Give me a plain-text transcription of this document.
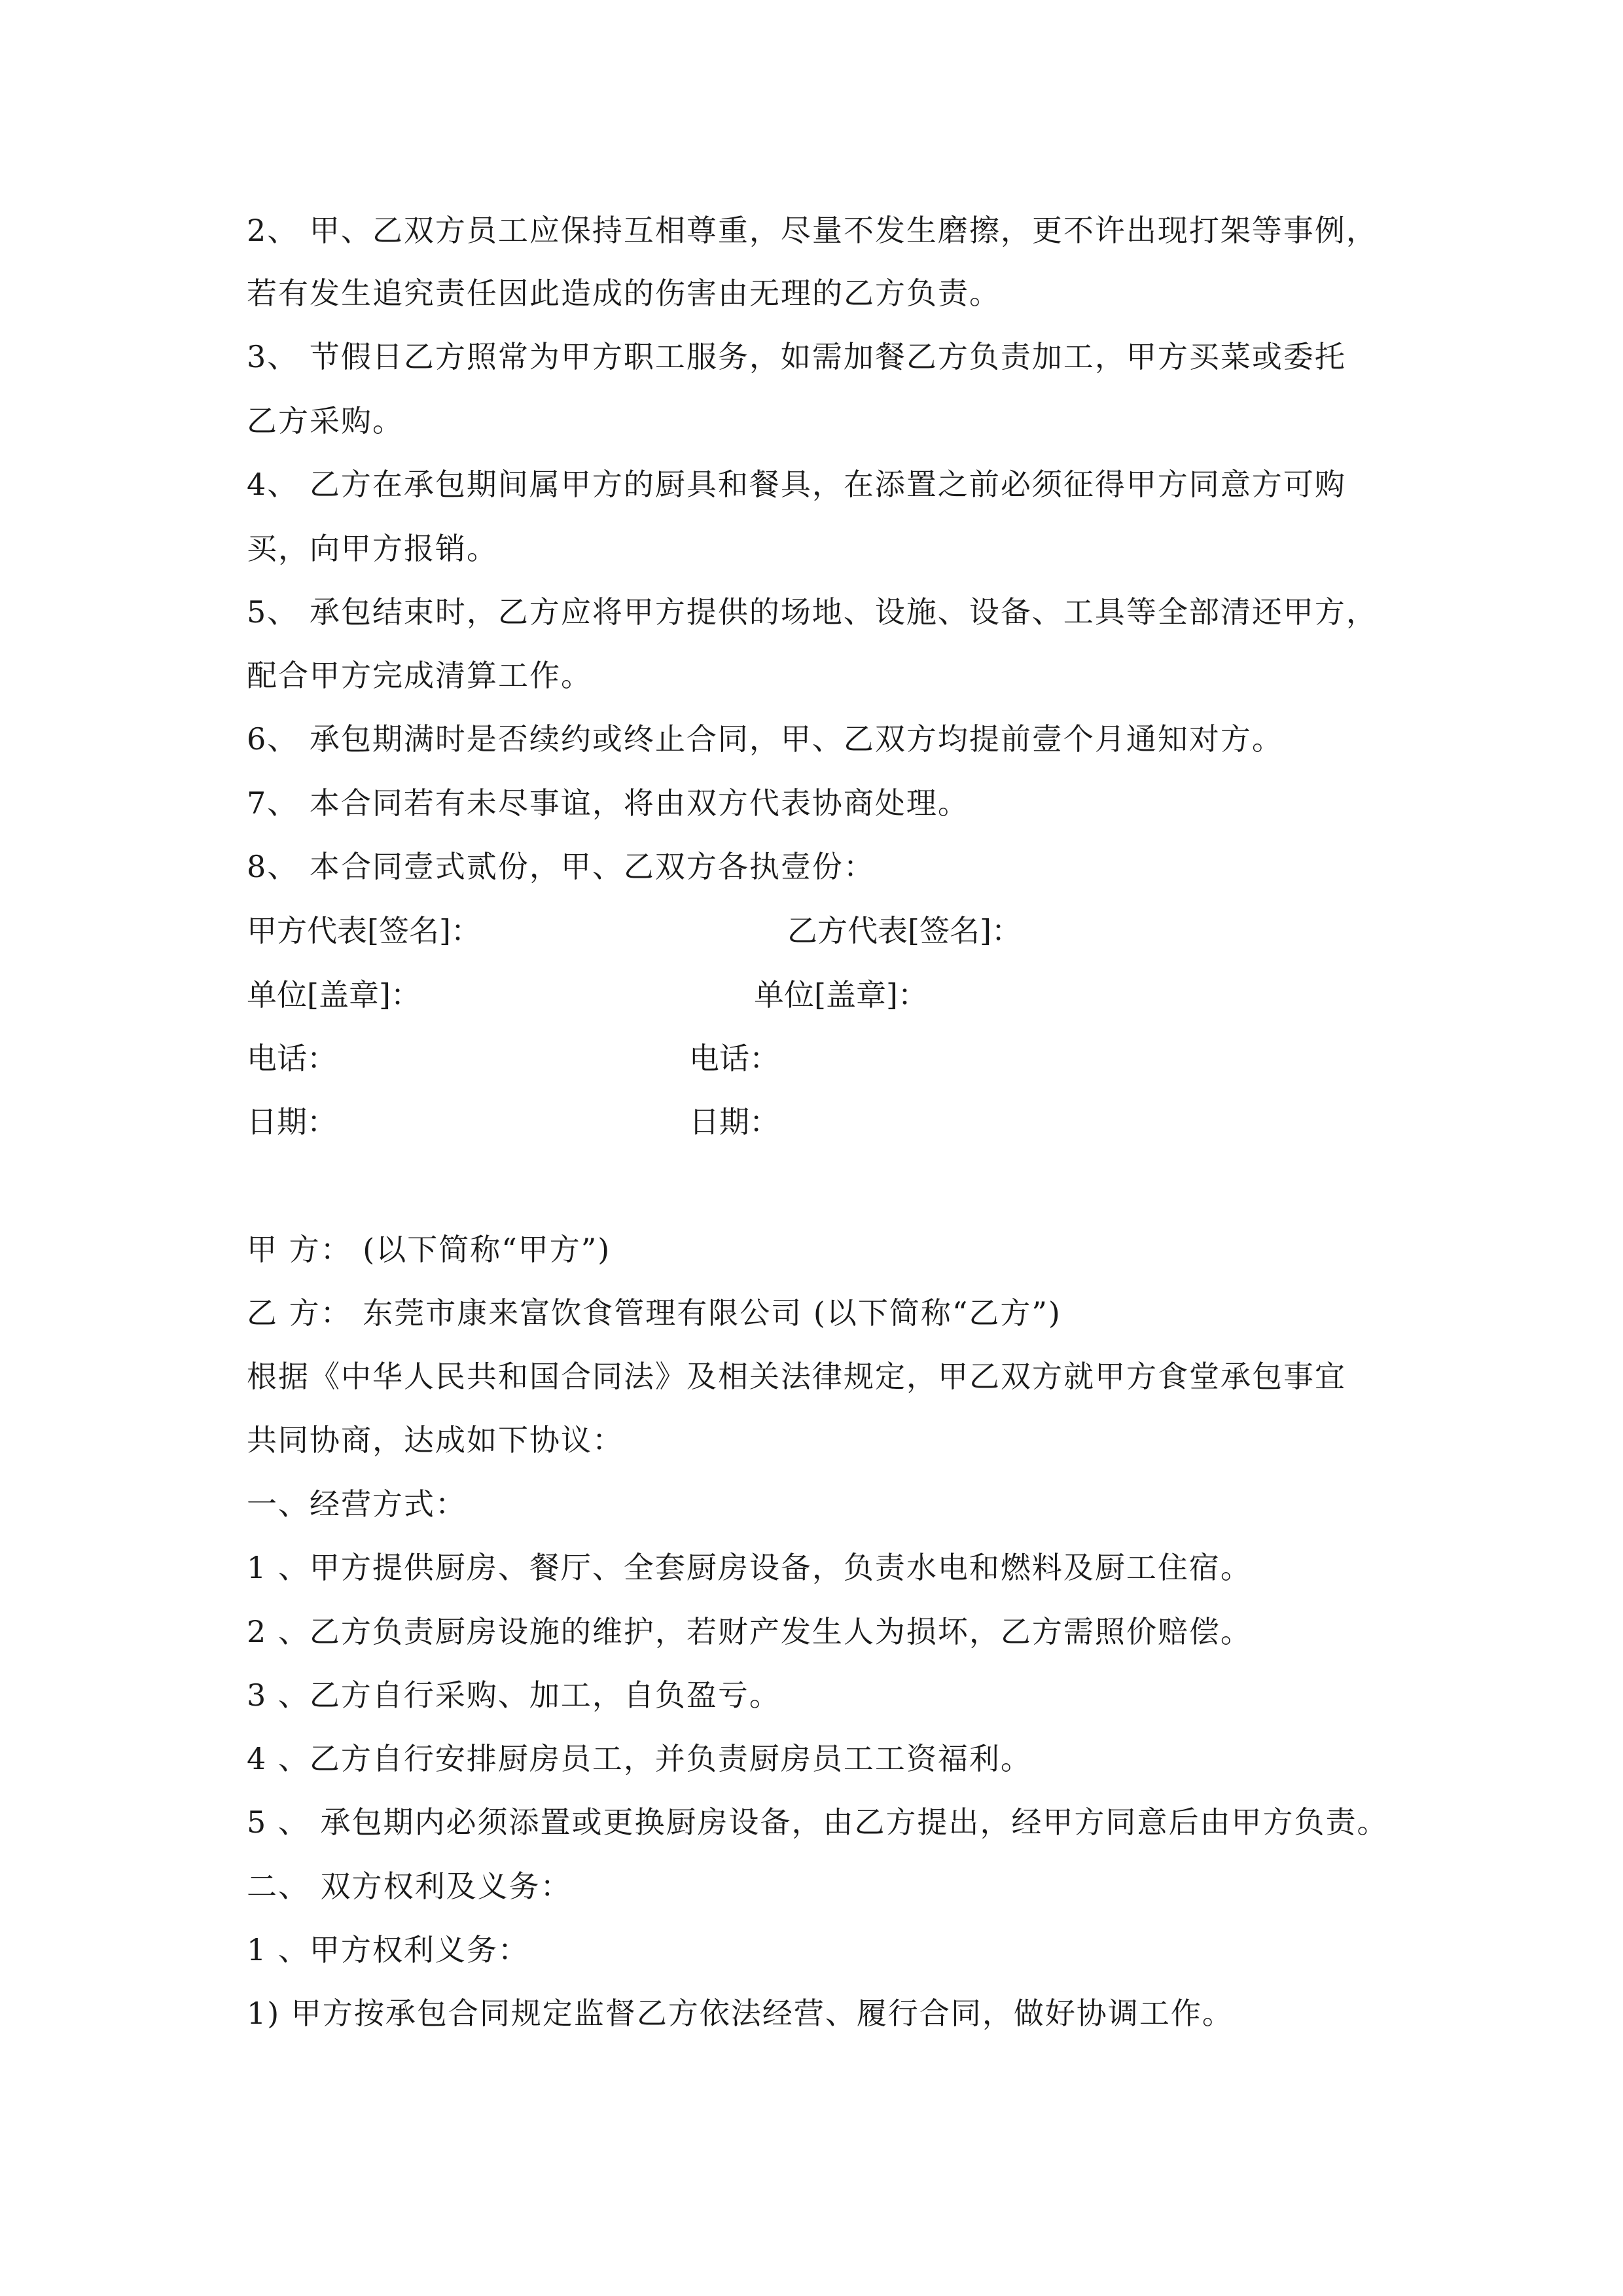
2、 甲、乙双方员工应保持互相尊重，尽量不发生磨擦，更不许出现打架等事例，
若有发生追究责任因此造成的伤害由无理的乙方负责。
3、 节假日乙方照常为甲方职工服务，如需加餐乙方负责加工，甲方买菜或委托
乙方采购。
4、 乙方在承包期间属甲方的厨具和餐具，在添置之前必须征得甲方同意方可购
买，向甲方报销。
5、 承包结束时，乙方应将甲方提供的场地、设施、设备、工具等全部清还甲方，
配合甲方完成清算工作。
6、 承包期满时是否续约或终止合同，甲、乙双方均提前壹个月通知对方。
7、 本合同若有未尽事谊，将由双方代表协商处理。
8、 本合同壹式贰份，甲、乙双方各执壹份：
甲方代表[签名]：	乙方代表[签名]：
单位[盖章]：	单位[盖章]：
电话：	电话：
日期：	日期：
甲 方： (以下简称“甲方”)
乙 方： 东莞市康来富饮食管理有限公司 (以下简称“乙方”)
根据《中华人民共和国合同法》及相关法律规定，甲乙双方就甲方食堂承包事宜
共同协商，达成如下协议：
一、经营方式：
1 、甲方提供厨房、餐厅、全套厨房设备，负责水电和燃料及厨工住宿。
2 、乙方负责厨房设施的维护，若财产发生人为损坏，乙方需照价赔偿。
3 、乙方自行采购、加工，自负盈亏。
4 、乙方自行安排厨房员工，并负责厨房员工工资福利。
5 、 承包期内必须添置或更换厨房设备，由乙方提出，经甲方同意后由甲方负责。
二、 双方权利及义务：
1 、甲方权利义务：
1) 甲方按承包合同规定监督乙方依法经营、履行合同，做好协调工作。
